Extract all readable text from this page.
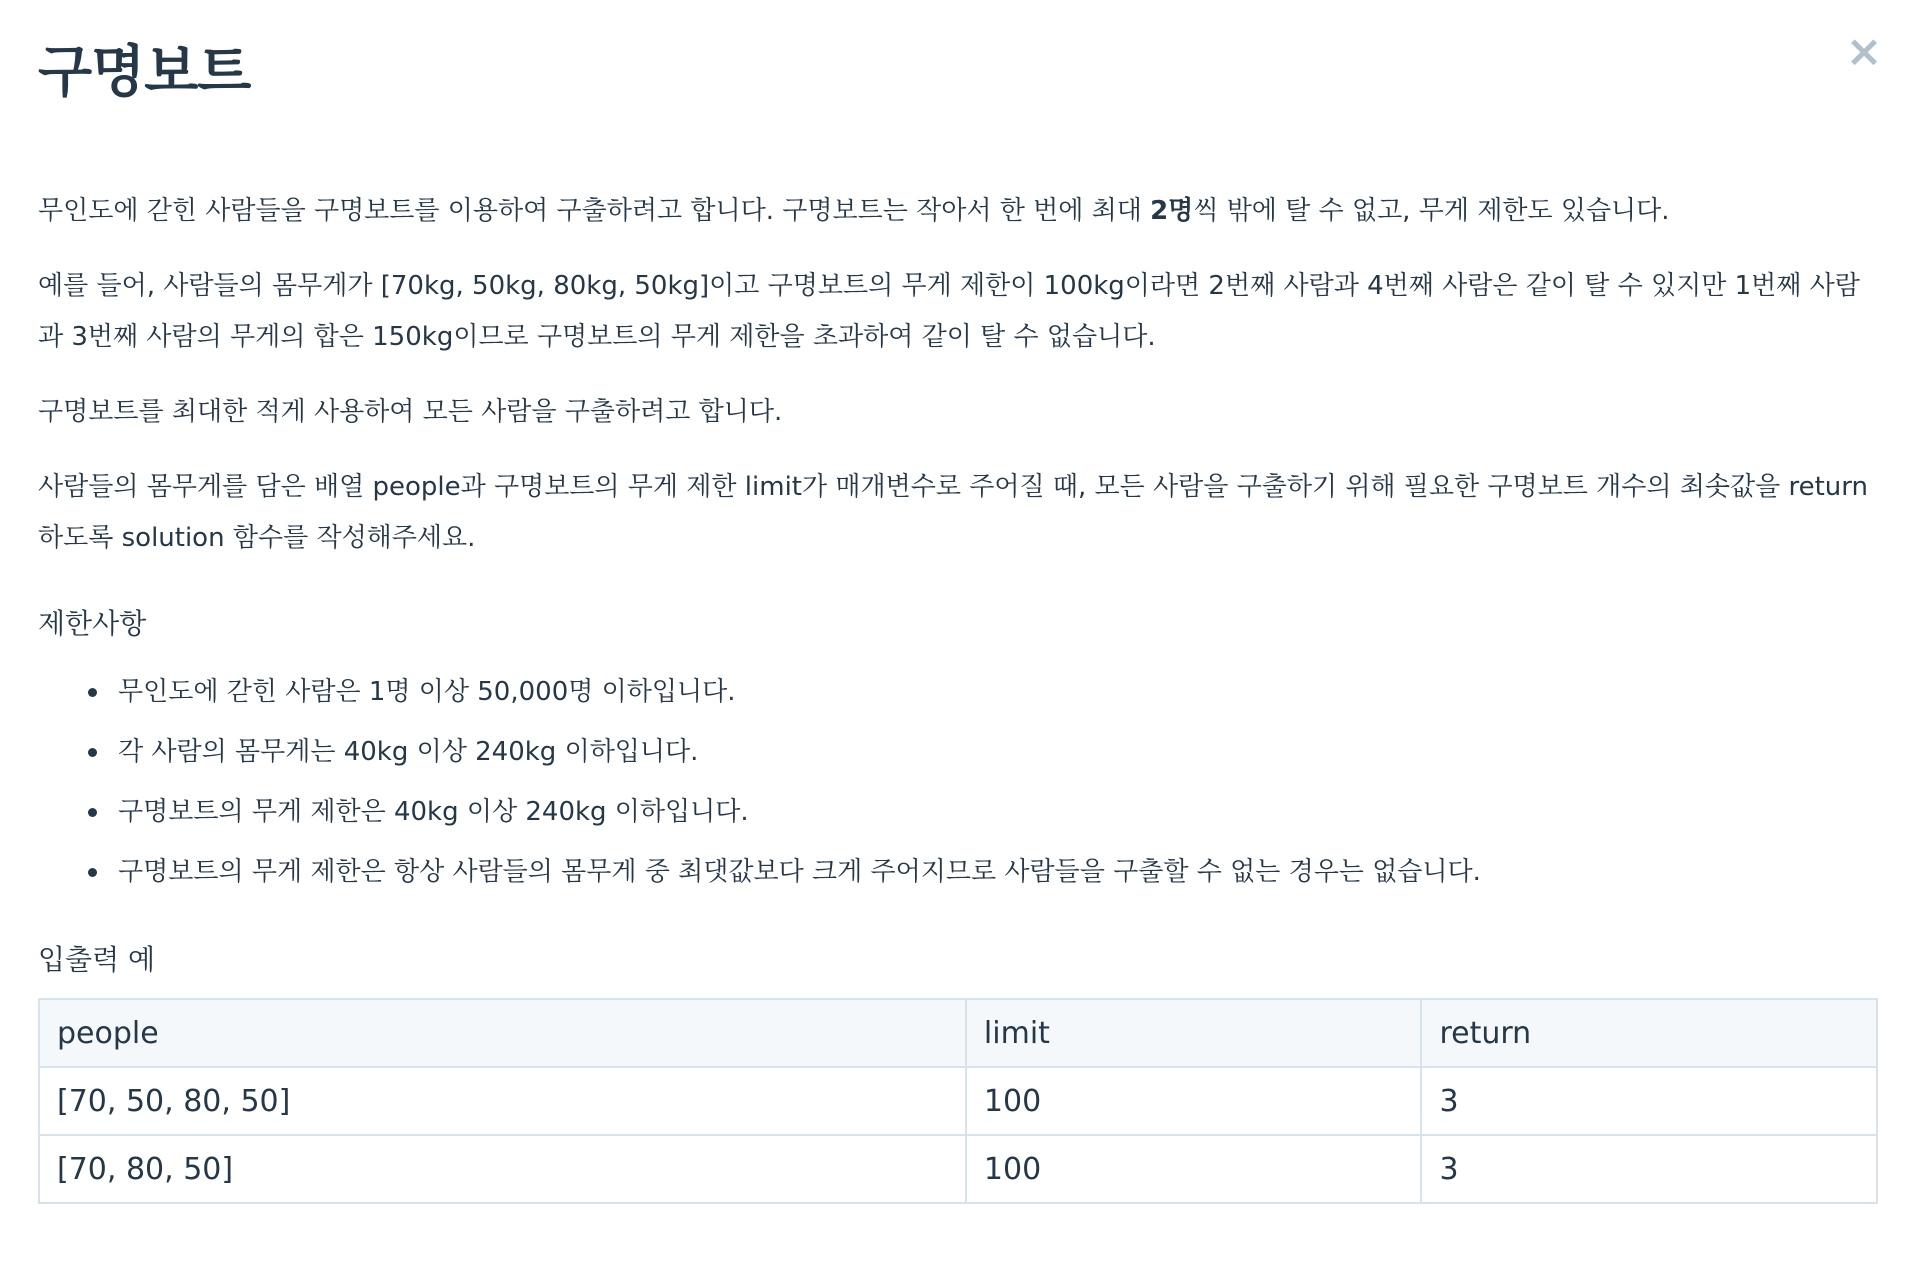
구명보트	×

무인도에 갇힌 사람들을 구명보트를 이용하여 구출하려고 합니다. 구명보트는 작아서 한 번에 최대 2명씩 밖에 탈 수 없고, 무게 제한도 있습니다.

예를 들어, 사람들의 몸무게가 [70kg, 50kg, 80kg, 50kg]이고 구명보트의 무게 제한이 100kg이라면 2번째 사람과 4번째 사람은 같이 탈 수 있지만 1번째 사람과 3번째 사람의 무게의 합은 150kg이므로 구명보트의 무게 제한을 초과하여 같이 탈 수 없습니다.

구명보트를 최대한 적게 사용하여 모든 사람을 구출하려고 합니다.

사람들의 몸무게를 담은 배열 people과 구명보트의 무게 제한 limit가 매개변수로 주어질 때, 모든 사람을 구출하기 위해 필요한 구명보트 개수의 최솟값을 return 하도록 solution 함수를 작성해주세요.

제한사항
무인도에 갇힌 사람은 1명 이상 50,000명 이하입니다.
각 사람의 몸무게는 40kg 이상 240kg 이하입니다.
구명보트의 무게 제한은 40kg 이상 240kg 이하입니다.
구명보트의 무게 제한은 항상 사람들의 몸무게 중 최댓값보다 크게 주어지므로 사람들을 구출할 수 없는 경우는 없습니다.
입출력 예
people	limit	return
[70, 50, 80, 50]	100	3
[70, 80, 50]	100	3
